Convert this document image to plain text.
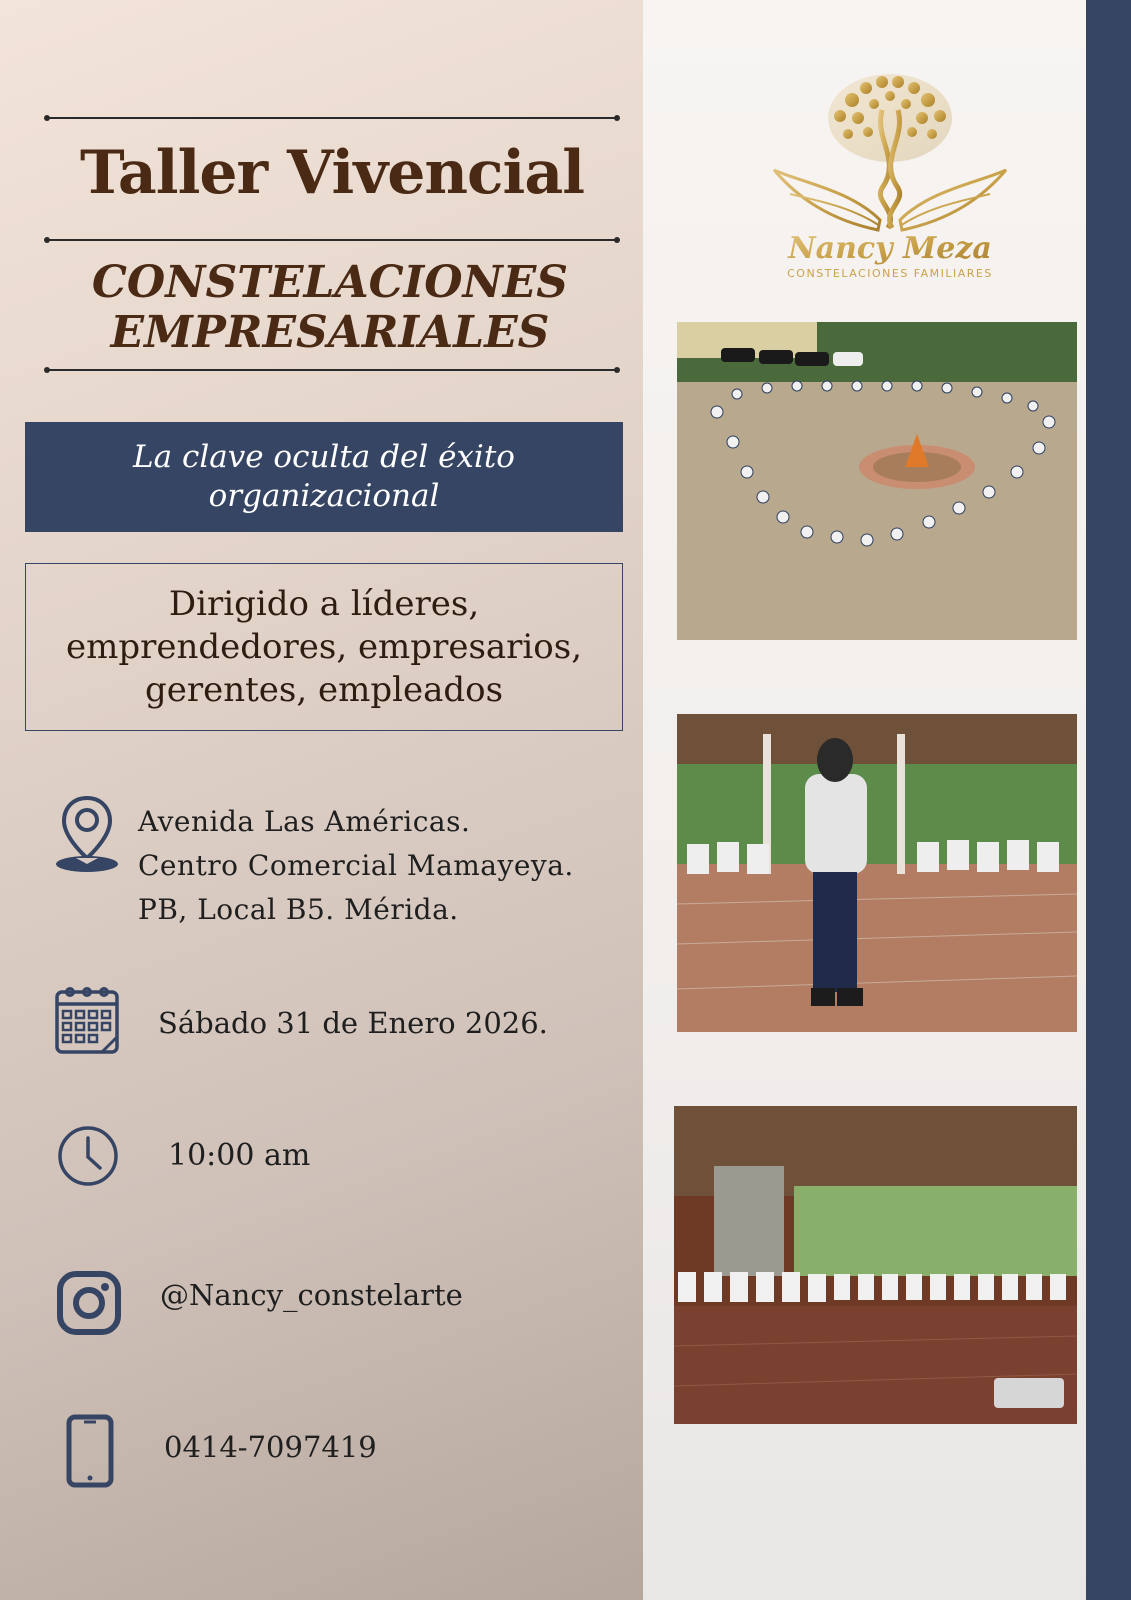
Taller Vivencial
CONSTELACIONES
EMPRESARIALES
La clave oculta del éxito
organizacional
Dirigido a líderes,
emprendedores, empresarios,
gerentes, empleados
Avenida Las Américas.
Centro Comercial Mamayeya.
PB, Local B5. Mérida.
Sábado 31 de Enero 2026.
10:00 am
@Nancy_constelarte
0414-7097419
Nancy Meza
CONSTELACIONES FAMILIARES
